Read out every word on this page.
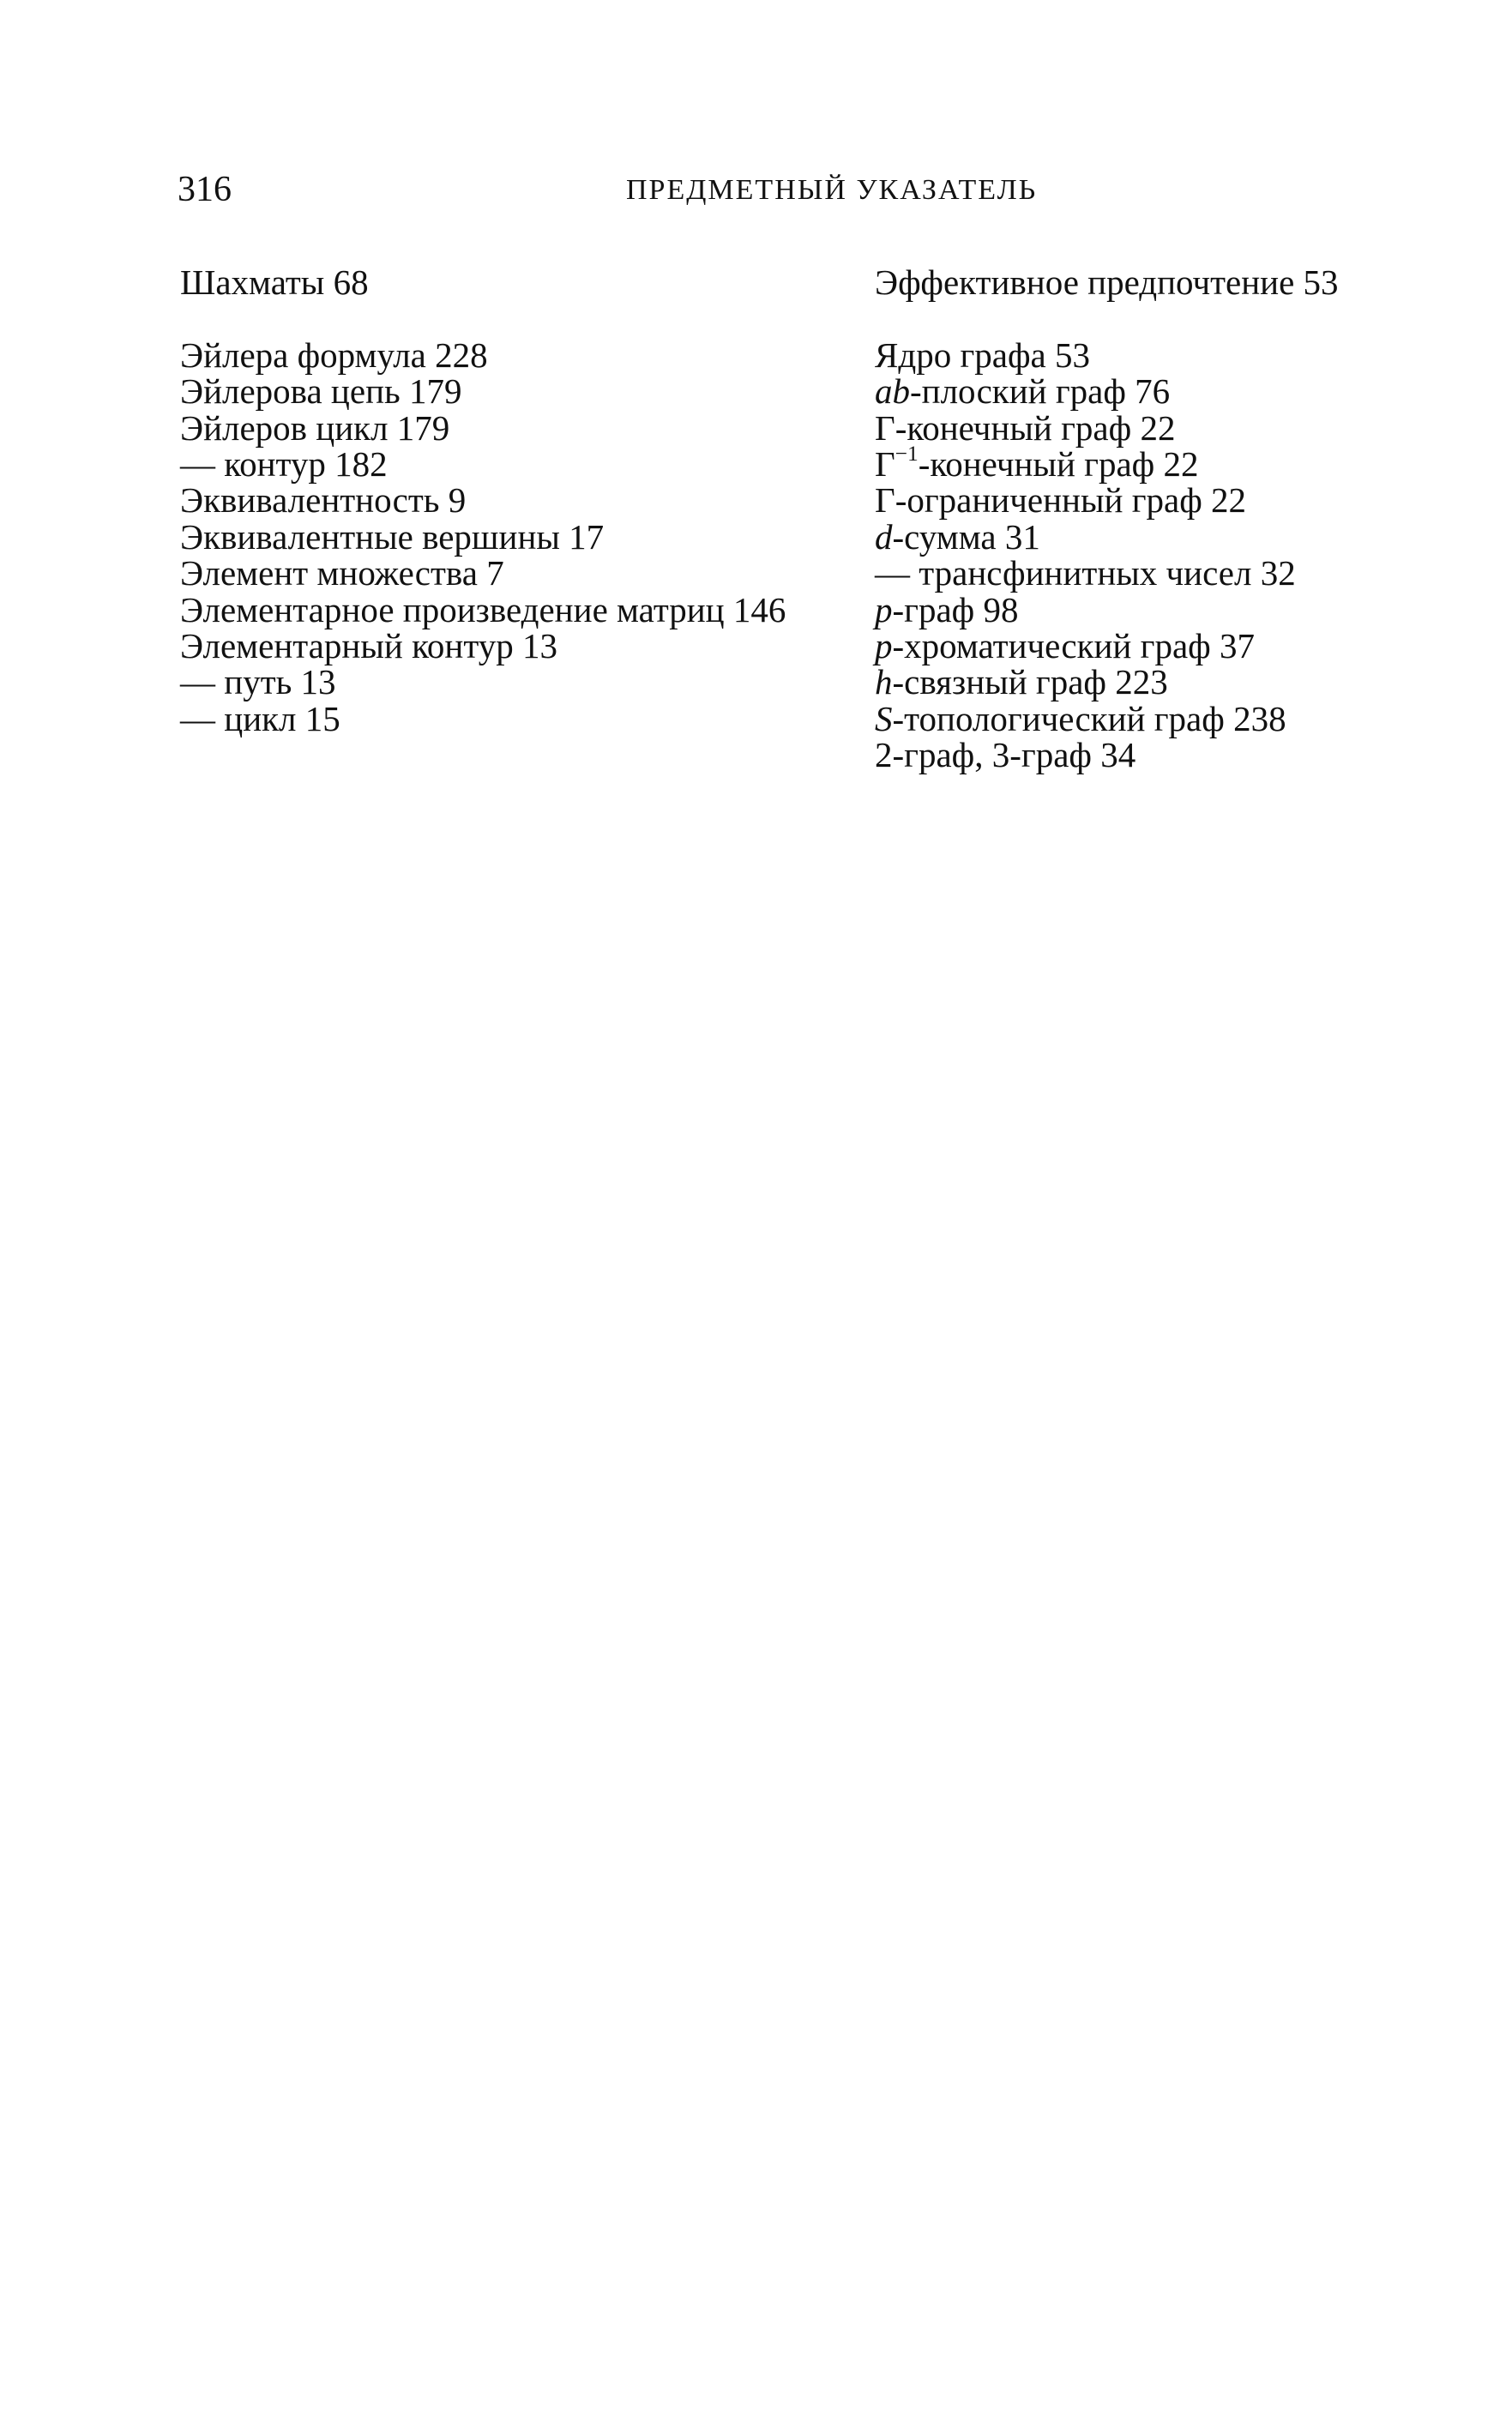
316	ПРЕДМЕТНЫЙ УКАЗАТЕЛЬ
Шахматы 68
Эйлера формула 228
Эйлерова цепь 179
Эйлеров цикл 179
— контур 182
Эквивалентность 9
Эквивалентные вершины 17
Элемент множества 7
Элементарное произведение матриц 146
Элементарный контур 13
— путь 13
— цикл 15
Эффективное предпочтение 53
Ядро графа 53
ab-плоский граф 76
Г-конечный граф 22
$Г^{-1}$-конечный граф 22
Г-ограниченный граф 22
d-сумма 31
— трансфинитных чисел 32
p-граф 98
p-хроматический граф 37
h-связный граф 223
S-топологический граф 238
2-граф, 3-граф 34
